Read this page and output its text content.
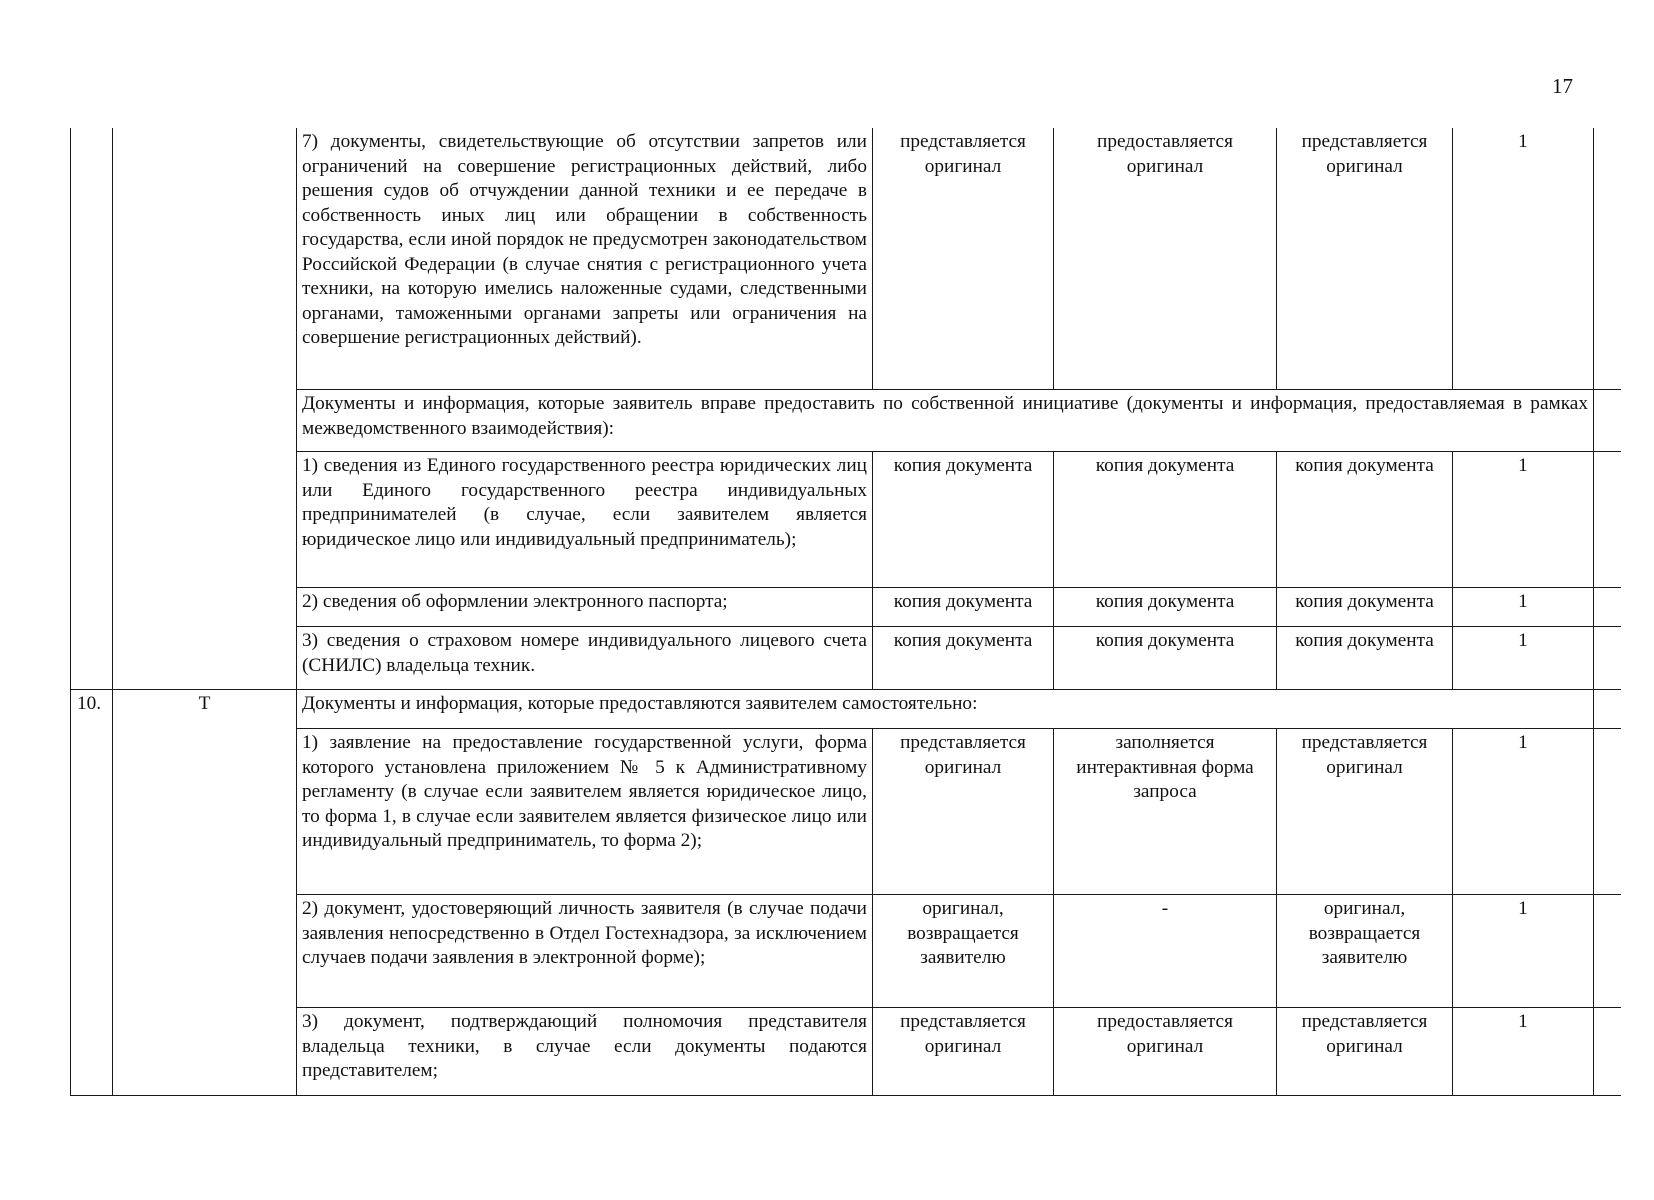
17
		7) документы, свидетельствующие об отсутствии запретов или ограничений на совершение регистрационных действий, либо решения судов об отчуждении данной техники и ее передаче в собственность иных лиц или обращении в собственность государства, если иной порядок не предусмотрен законодательством Российской Федерации (в случае снятия с регистрационного учета техники, на которую имелись наложенные судами, следственными органами, таможенными органами запреты или ограничения на совершение регистрационных действий).	представляется оригинал	предоставляется оригинал	представляется оригинал	1	
		Документы и информация, которые заявитель вправе предоставить по собственной инициативе (документы и информация, предоставляемая в рамках межведомственного взаимодействия):					
		1) сведения из Единого государственного реестра юридических лиц или Единого государственного реестра индивидуальных предпринимателей (в случае, если заявителем является юридическое лицо или индивидуальный предприниматель);	копия документа	копия документа	копия документа	1	
		2) сведения об оформлении электронного паспорта;	копия документа	копия документа	копия документа	1	
		3) сведения о страховом номере индивидуального лицевого счета (СНИЛС) владельца техник.	копия документа	копия документа	копия документа	1	
10.	Т	Документы и информация, которые предоставляются заявителем самостоятельно:					
		1) заявление на предоставление государственной услуги, форма которого установлена приложением № 5 к Административному регламенту (в случае если заявителем является юридическое лицо, то форма 1, в случае если заявителем является физическое лицо или индивидуальный предприниматель, то форма 2);	представляется оригинал	заполняется интерактивная форма запроса	представляется оригинал	1	
		2) документ, удостоверяющий личность заявителя (в случае подачи заявления непосредственно в Отдел Гостехнадзора, за исключением случаев подачи заявления в электронной форме);	оригинал, возвращается заявителю	-	оригинал, возвращается заявителю	1	
		3) документ, подтверждающий полномочия представителя владельца техники, в случае если документы подаются представителем;	представляется оригинал	предоставляется оригинал	представляется оригинал	1	
